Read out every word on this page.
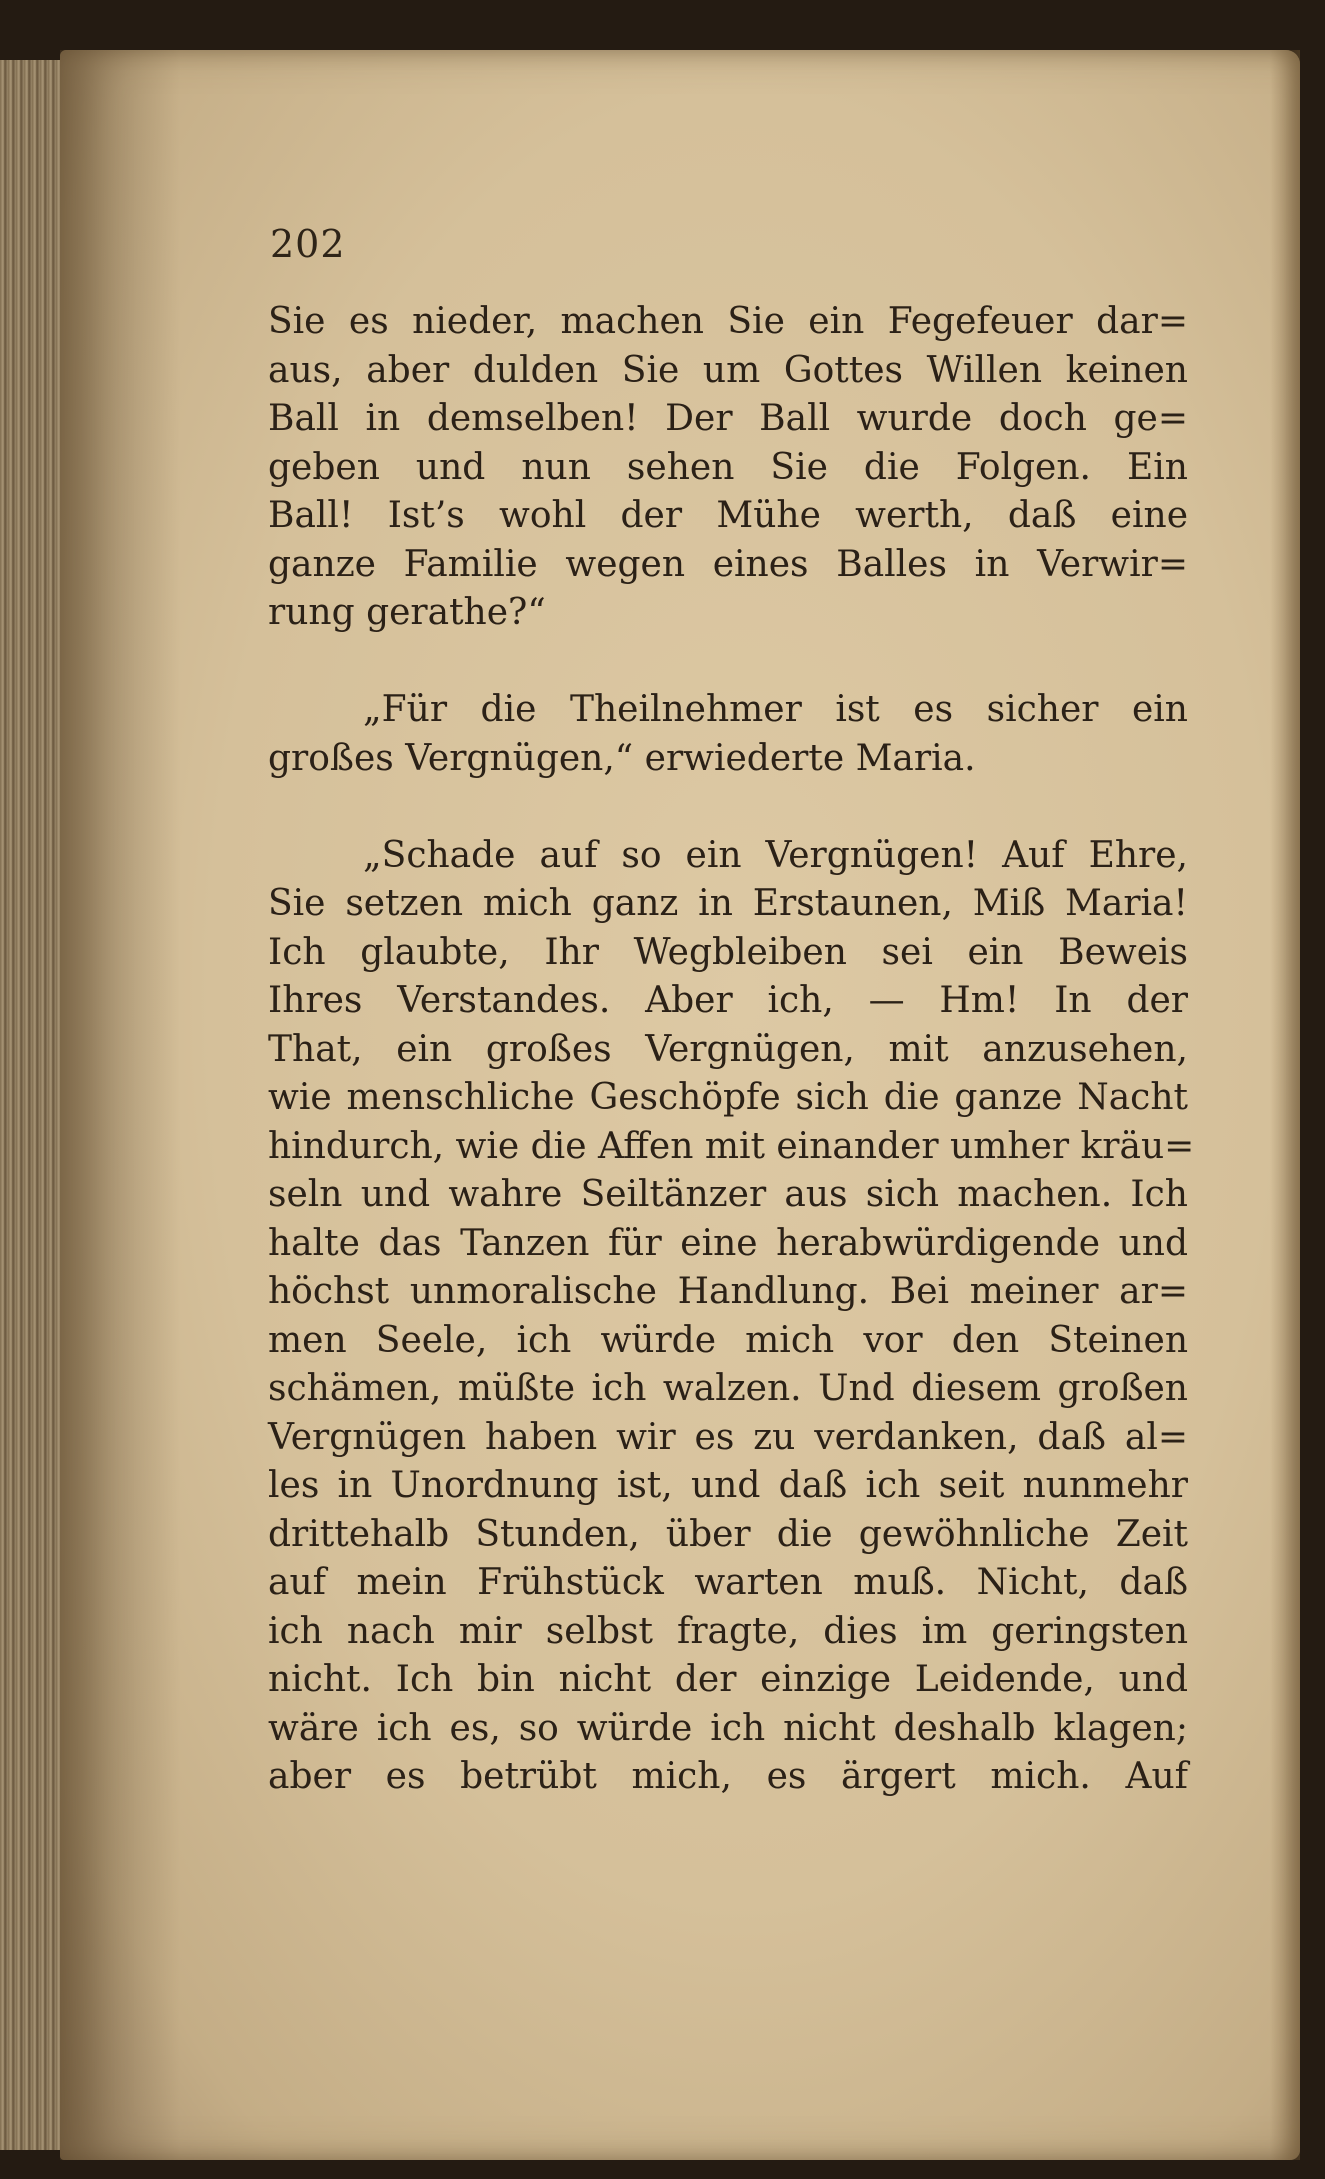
202
Sie es nieder, machen Sie ein Fegefeuer dar=
aus, aber dulden Sie um Gottes Willen keinen
Ball in demselben! Der Ball wurde doch ge=
geben und nun sehen Sie die Folgen. Ein
Ball! Ist’s wohl der Mühe werth, daß eine
ganze Familie wegen eines Balles in Verwir=
rung gerathe?“
„Für die Theilnehmer ist es sicher ein
großes Vergnügen,“ erwiederte Maria.
„Schade auf so ein Vergnügen! Auf Ehre,
Sie setzen mich ganz in Erstaunen, Miß Maria!
Ich glaubte, Ihr Wegbleiben sei ein Beweis
Ihres Verstandes. Aber ich, — Hm! In der
That, ein großes Vergnügen, mit anzusehen,
wie menschliche Geschöpfe sich die ganze Nacht
hindurch, wie die Affen mit einander umher kräu=
seln und wahre Seiltänzer aus sich machen. Ich
halte das Tanzen für eine herabwürdigende und
höchst unmoralische Handlung. Bei meiner ar=
men Seele, ich würde mich vor den Steinen
schämen, müßte ich walzen. Und diesem großen
Vergnügen haben wir es zu verdanken, daß al=
les in Unordnung ist, und daß ich seit nunmehr
drittehalb Stunden, über die gewöhnliche Zeit
auf mein Frühstück warten muß. Nicht, daß
ich nach mir selbst fragte, dies im geringsten
nicht. Ich bin nicht der einzige Leidende, und
wäre ich es, so würde ich nicht deshalb klagen;
aber es betrübt mich, es ärgert mich. Auf
